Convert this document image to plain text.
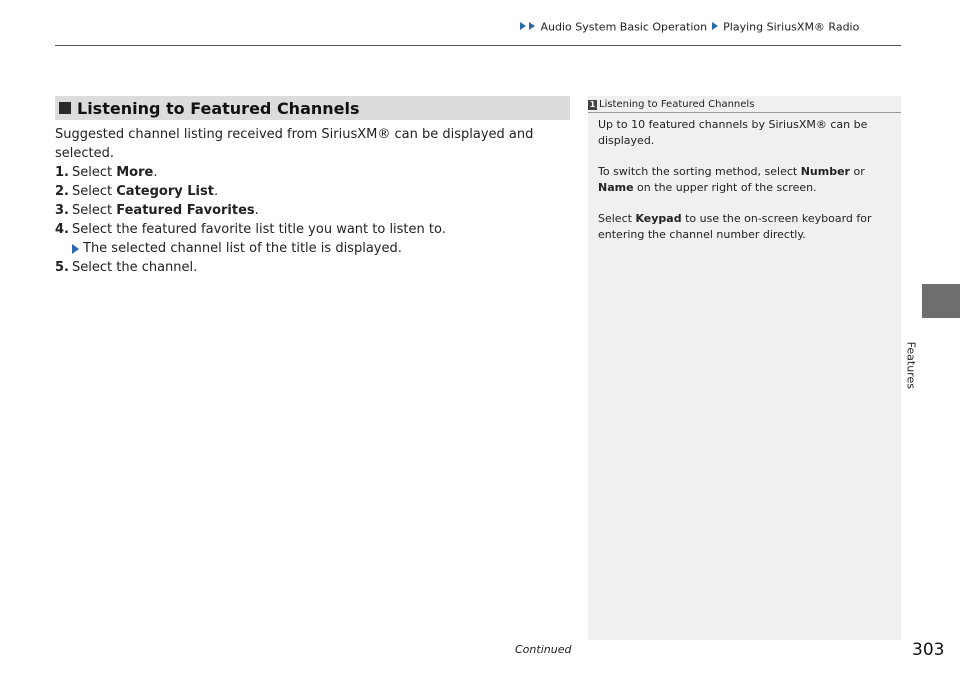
Audio System Basic Operation Playing SiriusXM® Radio
Listening to Featured Channels

Suggested channel listing received from SiriusXM® can be displayed and selected.

1. Select More.
2. Select Category List.
3. Select Featured Favorites.
4. Select the featured favorite list title you want to listen to.
The selected channel list of the title is displayed.
5. Select the channel.
1 Listening to Featured Channels

Up to 10 featured channels by SiriusXM® can be displayed.

To switch the sorting method, select Number or Name on the upper right of the screen.

Select Keypad to use the on-screen keyboard for entering the channel number directly.

Features
Continued	303
